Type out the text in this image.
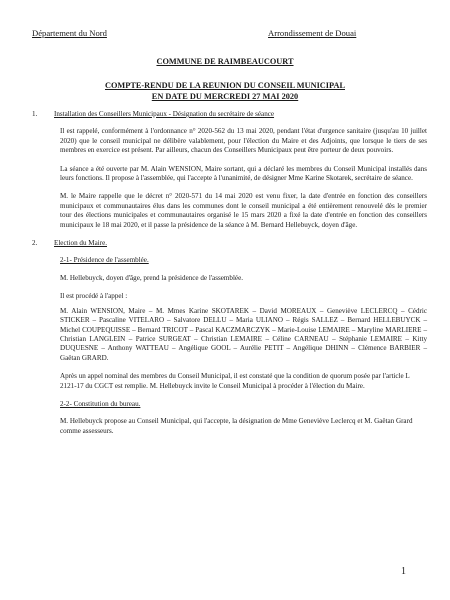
Département du Nord	Arrondissement de Douai
COMMUNE DE RAIMBEAUCOURT
COMPTE-RENDU DE LA REUNION DU CONSEIL MUNICIPAL
EN DATE DU MERCREDI 27 MAI 2020
1. Installation des Conseillers Municipaux - Désignation du secrétaire de séance
Il est rappelé, conformément à l'ordonnance n° 2020-562 du 13 mai 2020, pendant l'état d'urgence sanitaire (jusqu'au 10 juillet 2020) que le conseil municipal ne délibère valablement, pour l'élection du Maire et des Adjoints, que lorsque le tiers de ses membres en exercice est présent. Par ailleurs, chacun des Conseillers Municipaux peut être porteur de deux pouvoirs.
La séance a été ouverte par M. Alain WENSION, Maire sortant, qui a déclaré les membres du Conseil Municipal installés dans leurs fonctions. Il propose à l'assemblée, qui l'accepte à l'unanimité, de désigner Mme Karine Skotarek, secrétaire de séance.
M. le Maire rappelle que le décret n° 2020-571 du 14 mai 2020 est venu fixer, la date d'entrée en fonction des conseillers municipaux et communautaires élus dans les communes dont le conseil municipal a été entièrement renouvelé dès le premier tour des élections municipales et communautaires organisé le 15 mars 2020 a fixé la date d'entrée en fonction des conseillers municipaux le 18 mai 2020, et il passe la présidence de la séance à M. Bernard Hellebuyck, doyen d'âge.
2. Election du Maire.
2-1- Présidence de l'assemblée.
M. Hellebuyck, doyen d'âge, prend la présidence de l'assemblée.
Il est procédé à l'appel :
M. Alain WENSION, Maire – M. Mmes Karine SKOTAREK – David MOREAUX – Geneviève LECLERCQ – Cédric STICKER – Pascaline VITELARO – Salvatore DELLU – Maria ULIANO – Régis SALLEZ – Bernard HELLEBUYCK – Michel COUPEQUISSE – Bernard TRICOT – Pascal KACZMARCZYK – Marie-Louise LEMAIRE – Maryline MARLIERE – Christian LANGLEIN – Patrice SURGEAT – Christian LEMAIRE – Céline CARNEAU – Stéphanie LEMAIRE – Kitty DUQUESNE – Anthony WATTEAU – Angélique GOOL – Aurélie PETIT – Angélique DHINN – Clémence BARBIER – Gaëtan GRARD.
Après un appel nominal des membres du Conseil Municipal, il est constaté que la condition de quorum posée par l'article L 2121-17 du CGCT est remplie. M. Hellebuyck invite le Conseil Municipal à procéder à l'élection du Maire.
2-2- Constitution du bureau.
M. Hellebuyck propose au Conseil Municipal, qui l'accepte, la désignation de Mme Geneviève Leclercq et M. Gaëtan Grard comme assesseurs.
1
